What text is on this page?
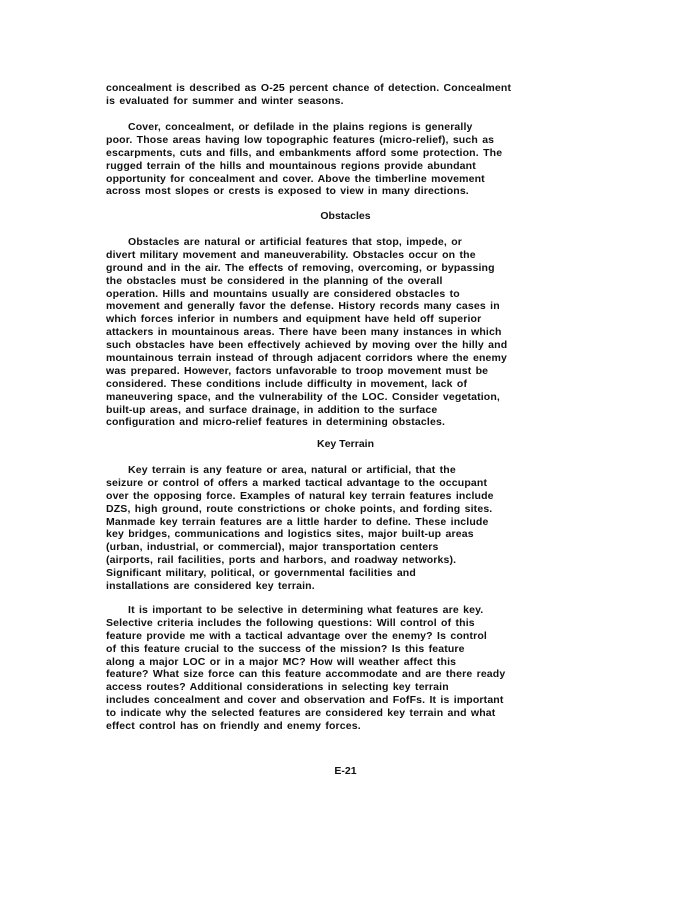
concealment is described as O-25 percent chance of detection. Concealment
is evaluated for summer and winter seasons.
Cover, concealment, or defilade in the plains regions is generally
poor. Those areas having low topographic features (micro-relief), such as
escarpments, cuts and fills, and embankments afford some protection. The
rugged terrain of the hills and mountainous regions provide abundant
opportunity for concealment and cover. Above the timberline movement
across most slopes or crests is exposed to view in many directions.
Obstacles
Obstacles are natural or artificial features that stop, impede, or
divert military movement and maneuverability. Obstacles occur on the
ground and in the air. The effects of removing, overcoming, or bypassing
the obstacles must be considered in the planning of the overall
operation. Hills and mountains usually are considered obstacles to
movement and generally favor the defense. History records many cases in
which forces inferior in numbers and equipment have held off superior
attackers in mountainous areas. There have been many instances in which
such obstacles have been effectively achieved by moving over the hilly and
mountainous terrain instead of through adjacent corridors where the enemy
was prepared. However, factors unfavorable to troop movement must be
considered. These conditions include difficulty in movement, lack of
maneuvering space, and the vulnerability of the LOC. Consider vegetation,
built-up areas, and surface drainage, in addition to the surface
configuration and micro-relief features in determining obstacles.
Key Terrain
Key terrain is any feature or area, natural or artificial, that the
seizure or control of offers a marked tactical advantage to the occupant
over the opposing force. Examples of natural key terrain features include
DZS, high ground, route constrictions or choke points, and fording sites.
Manmade key terrain features are a little harder to define. These include
key bridges, communications and logistics sites, major built-up areas
(urban, industrial, or commercial), major transportation centers
(airports, rail facilities, ports and harbors, and roadway networks).
Significant military, political, or governmental facilities and
installations are considered key terrain.
It is important to be selective in determining what features are key.
Selective criteria includes the following questions: Will control of this
feature provide me with a tactical advantage over the enemy? Is control
of this feature crucial to the success of the mission? Is this feature
along a major LOC or in a major MC? How will weather affect this
feature? What size force can this feature accommodate and are there ready
access routes? Additional considerations in selecting key terrain
includes concealment and cover and observation and FofFs. It is important
to indicate why the selected features are considered key terrain and what
effect control has on friendly and enemy forces.
E-21
